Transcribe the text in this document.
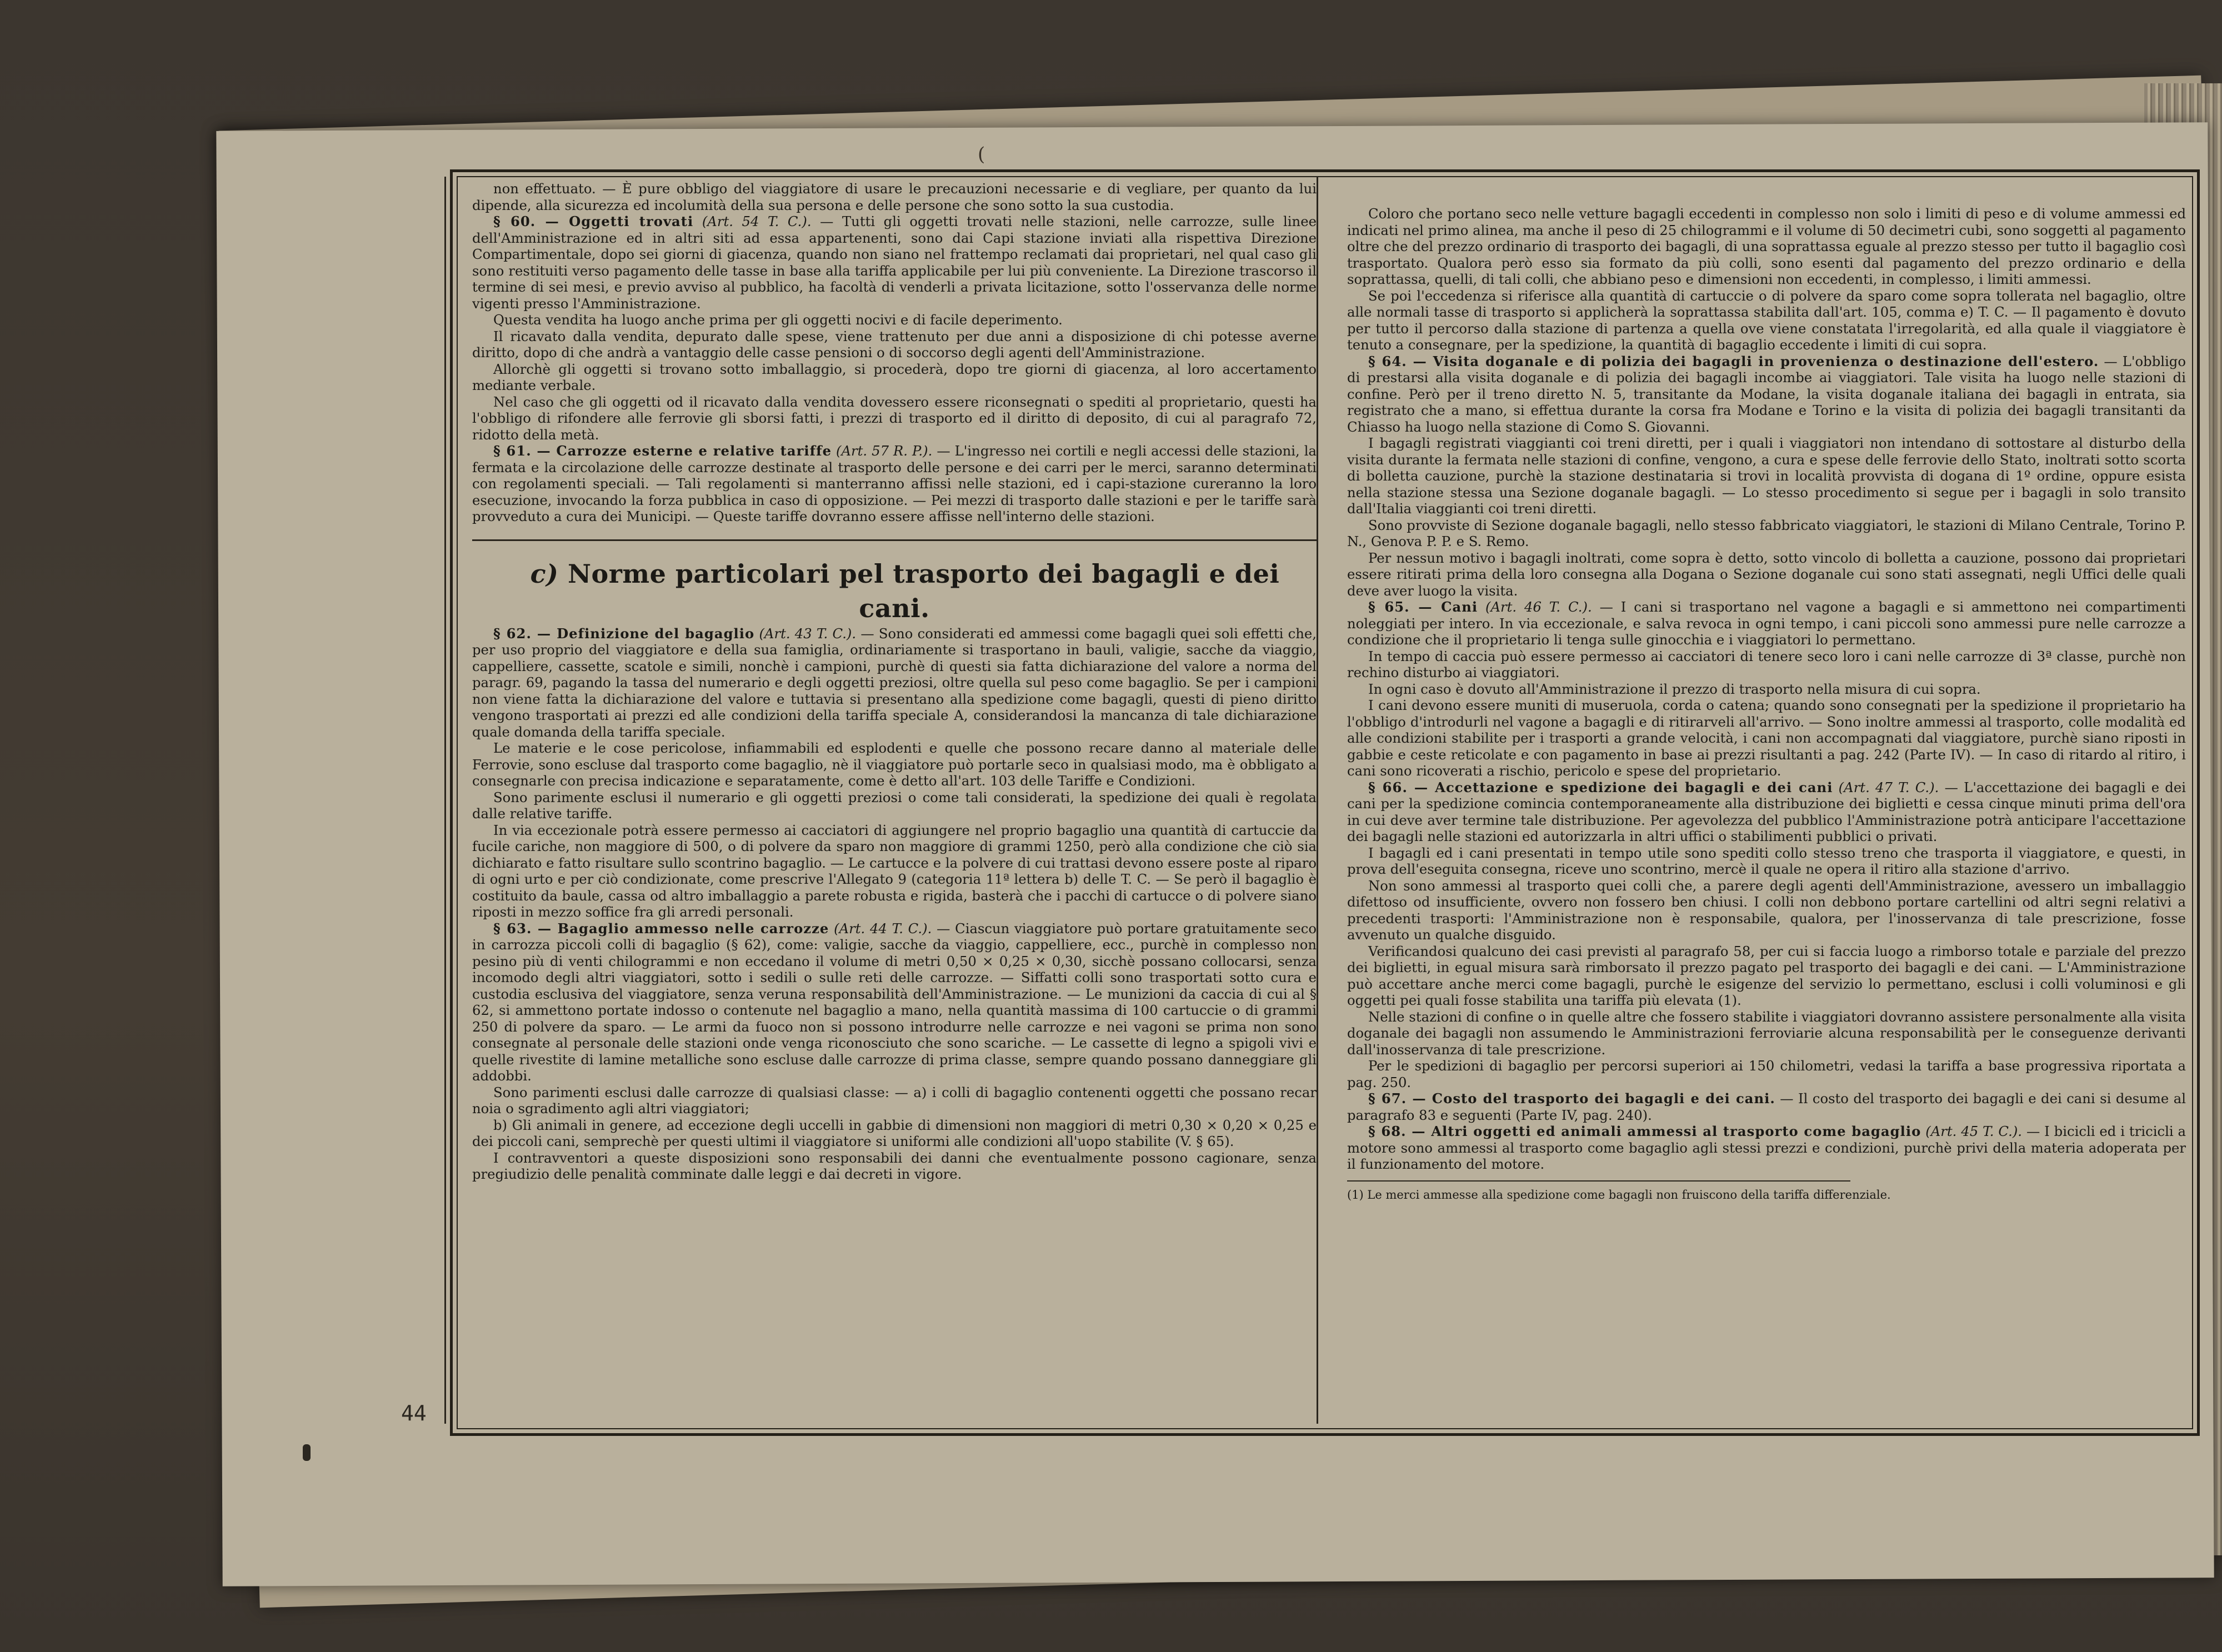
(

non effettuato. — È pure obbligo del viaggiatore di usare le precauzioni necessarie e di vegliare, per quanto da lui dipende, alla sicurezza ed incolumità della sua persona e delle persone che sono sotto la sua custodia.

§ 60. — Oggetti trovati (Art. 54 T. C.). — Tutti gli oggetti trovati nelle stazioni, nelle carrozze, sulle linee dell'Amministrazione ed in altri siti ad essa appartenenti, sono dai Capi stazione inviati alla rispettiva Direzione Compartimentale, dopo sei giorni di giacenza, quando non siano nel frattempo reclamati dai proprietari, nel qual caso gli sono restituiti verso pagamento delle tasse in base alla tariffa applicabile per lui più conveniente. La Direzione trascorso il termine di sei mesi, e previo avviso al pubblico, ha facoltà di venderli a privata licitazione, sotto l'osservanza delle norme vigenti presso l'Amministrazione.

Questa vendita ha luogo anche prima per gli oggetti nocivi e di facile deperimento.

Il ricavato dalla vendita, depurato dalle spese, viene trattenuto per due anni a disposizione di chi potesse averne diritto, dopo di che andrà a vantaggio delle casse pensioni o di soccorso degli agenti dell'Amministrazione.

Allorchè gli oggetti si trovano sotto imballaggio, si procederà, dopo tre giorni di giacenza, al loro accertamento mediante verbale.

Nel caso che gli oggetti od il ricavato dalla vendita dovessero essere riconsegnati o spediti al proprietario, questi ha l'obbligo di rifondere alle ferrovie gli sborsi fatti, i prezzi di trasporto ed il diritto di deposito, di cui al paragrafo 72, ridotto della metà.

§ 61. — Carrozze esterne e relative tariffe (Art. 57 R. P.). — L'ingresso nei cortili e negli accessi delle stazioni, la fermata e la circolazione delle carrozze destinate al trasporto delle persone e dei carri per le merci, saranno determinati con regolamenti speciali. — Tali regolamenti si manterranno affissi nelle stazioni, ed i capi-stazione cureranno la loro esecuzione, invocando la forza pubblica in caso di opposizione. — Pei mezzi di trasporto dalle stazioni e per le tariffe sarà provveduto a cura dei Municipi. — Queste tariffe dovranno essere affisse nell'interno delle stazioni.

c) Norme particolari pel trasporto dei bagagli e dei cani.

§ 62. — Definizione del bagaglio (Art. 43 T. C.). — Sono considerati ed ammessi come bagagli quei soli effetti che, per uso proprio del viaggiatore e della sua famiglia, ordinariamente si trasportano in bauli, valigie, sacche da viaggio, cappelliere, cassette, scatole e simili, nonchè i campioni, purchè di questi sia fatta dichiarazione del valore a norma del paragr. 69, pagando la tassa del numerario e degli oggetti preziosi, oltre quella sul peso come bagaglio. Se per i campioni non viene fatta la dichiarazione del valore e tuttavia si presentano alla spedizione come bagagli, questi di pieno diritto vengono trasportati ai prezzi ed alle condizioni della tariffa speciale A, considerandosi la mancanza di tale dichiarazione quale domanda della tariffa speciale.

Le materie e le cose pericolose, infiammabili ed esplodenti e quelle che possono recare danno al materiale delle Ferrovie, sono escluse dal trasporto come bagaglio, nè il viaggiatore può portarle seco in qualsiasi modo, ma è obbligato a consegnarle con precisa indicazione e separatamente, come è detto all'art. 103 delle Tariffe e Condizioni.

Sono parimente esclusi il numerario e gli oggetti preziosi o come tali considerati, la spedizione dei quali è regolata dalle relative tariffe.

In via eccezionale potrà essere permesso ai cacciatori di aggiungere nel proprio bagaglio una quantità di cartuccie da fucile cariche, non maggiore di 500, o di polvere da sparo non maggiore di grammi 1250, però alla condizione che ciò sia dichiarato e fatto risultare sullo scontrino bagaglio. — Le cartucce e la polvere di cui trattasi devono essere poste al riparo di ogni urto e per ciò condizionate, come prescrive l'Allegato 9 (categoria 11ª lettera b) delle T. C. — Se però il bagaglio è costituito da baule, cassa od altro imballaggio a parete robusta e rigida, basterà che i pacchi di cartucce o di polvere siano riposti in mezzo soffice fra gli arredi personali.

§ 63. — Bagaglio ammesso nelle carrozze (Art. 44 T. C.). — Ciascun viaggiatore può portare gratuitamente seco in carrozza piccoli colli di bagaglio (§ 62), come: valigie, sacche da viaggio, cappelliere, ecc., purchè in complesso non pesino più di venti chilogrammi e non eccedano il volume di metri 0,50 × 0,25 × 0,30, sicchè possano collocarsi, senza incomodo degli altri viaggiatori, sotto i sedili o sulle reti delle carrozze. — Siffatti colli sono trasportati sotto cura e custodia esclusiva del viaggiatore, senza veruna responsabilità dell'Amministrazione. — Le munizioni da caccia di cui al § 62, si ammettono portate indosso o contenute nel bagaglio a mano, nella quantità massima di 100 cartuccie o di grammi 250 di polvere da sparo. — Le armi da fuoco non si possono introdurre nelle carrozze e nei vagoni se prima non sono consegnate al personale delle stazioni onde venga riconosciuto che sono scariche. — Le cassette di legno a spigoli vivi e quelle rivestite di lamine metalliche sono escluse dalle carrozze di prima classe, sempre quando possano danneggiare gli addobbi.

Sono parimenti esclusi dalle carrozze di qualsiasi classe: — a) i colli di bagaglio contenenti oggetti che possano recar noia o sgradimento agli altri viaggiatori;

b) Gli animali in genere, ad eccezione degli uccelli in gabbie di dimensioni non maggiori di metri 0,30 × 0,20 × 0,25 e dei piccoli cani, semprechè per questi ultimi il viaggiatore si uniformi alle condizioni all'uopo stabilite (V. § 65).

I contravventori a queste disposizioni sono responsabili dei danni che eventualmente possono cagionare, senza pregiudizio delle penalità comminate dalle leggi e dai decreti in vigore.

Coloro che portano seco nelle vetture bagagli eccedenti in complesso non solo i limiti di peso e di volume ammessi ed indicati nel primo alinea, ma anche il peso di 25 chilogrammi e il volume di 50 decimetri cubi, sono soggetti al pagamento oltre che del prezzo ordinario di trasporto dei bagagli, di una soprattassa eguale al prezzo stesso per tutto il bagaglio così trasportato. Qualora però esso sia formato da più colli, sono esenti dal pagamento del prezzo ordinario e della soprattassa, quelli, di tali colli, che abbiano peso e dimensioni non eccedenti, in complesso, i limiti ammessi.

Se poi l'eccedenza si riferisce alla quantità di cartuccie o di polvere da sparo come sopra tollerata nel bagaglio, oltre alle normali tasse di trasporto si applicherà la soprattassa stabilita dall'art. 105, comma e) T. C. — Il pagamento è dovuto per tutto il percorso dalla stazione di partenza a quella ove viene constatata l'irregolarità, ed alla quale il viaggiatore è tenuto a consegnare, per la spedizione, la quantità di bagaglio eccedente i limiti di cui sopra.

§ 64. — Visita doganale e di polizia dei bagagli in provenienza o destinazione dell'estero. — L'obbligo di prestarsi alla visita doganale e di polizia dei bagagli incombe ai viaggiatori. Tale visita ha luogo nelle stazioni di confine. Però per il treno diretto N. 5, transitante da Modane, la visita doganale italiana dei bagagli in entrata, sia registrato che a mano, si effettua durante la corsa fra Modane e Torino e la visita di polizia dei bagagli transitanti da Chiasso ha luogo nella stazione di Como S. Giovanni.

I bagagli registrati viaggianti coi treni diretti, per i quali i viaggiatori non intendano di sottostare al disturbo della visita durante la fermata nelle stazioni di confine, vengono, a cura e spese delle ferrovie dello Stato, inoltrati sotto scorta di bolletta cauzione, purchè la stazione destinataria si trovi in località provvista di dogana di 1º ordine, oppure esista nella stazione stessa una Sezione doganale bagagli. — Lo stesso procedimento si segue per i bagagli in solo transito dall'Italia viaggianti coi treni diretti.

Sono provviste di Sezione doganale bagagli, nello stesso fabbricato viaggiatori, le stazioni di Milano Centrale, Torino P. N., Genova P. P. e S. Remo.

Per nessun motivo i bagagli inoltrati, come sopra è detto, sotto vincolo di bolletta a cauzione, possono dai proprietari essere ritirati prima della loro consegna alla Dogana o Sezione doganale cui sono stati assegnati, negli Uffici delle quali deve aver luogo la visita.

§ 65. — Cani (Art. 46 T. C.). — I cani si trasportano nel vagone a bagagli e si ammettono nei compartimenti noleggiati per intero. In via eccezionale, e salva revoca in ogni tempo, i cani piccoli sono ammessi pure nelle carrozze a condizione che il proprietario li tenga sulle ginocchia e i viaggiatori lo permettano.

In tempo di caccia può essere permesso ai cacciatori di tenere seco loro i cani nelle carrozze di 3ª classe, purchè non rechino disturbo ai viaggiatori.

In ogni caso è dovuto all'Amministrazione il prezzo di trasporto nella misura di cui sopra.

I cani devono essere muniti di museruola, corda o catena; quando sono consegnati per la spedizione il proprietario ha l'obbligo d'introdurli nel vagone a bagagli e di ritirarveli all'arrivo. — Sono inoltre ammessi al trasporto, colle modalità ed alle condizioni stabilite per i trasporti a grande velocità, i cani non accompagnati dal viaggiatore, purchè siano riposti in gabbie e ceste reticolate e con pagamento in base ai prezzi risultanti a pag. 242 (Parte IV). — In caso di ritardo al ritiro, i cani sono ricoverati a rischio, pericolo e spese del proprietario.

§ 66. — Accettazione e spedizione dei bagagli e dei cani (Art. 47 T. C.). — L'accettazione dei bagagli e dei cani per la spedizione comincia contemporaneamente alla distribuzione dei biglietti e cessa cinque minuti prima dell'ora in cui deve aver termine tale distribuzione. Per agevolezza del pubblico l'Amministrazione potrà anticipare l'accettazione dei bagagli nelle stazioni ed autorizzarla in altri uffici o stabilimenti pubblici o privati.

I bagagli ed i cani presentati in tempo utile sono spediti collo stesso treno che trasporta il viaggiatore, e questi, in prova dell'eseguita consegna, riceve uno scontrino, mercè il quale ne opera il ritiro alla stazione d'arrivo.

Non sono ammessi al trasporto quei colli che, a parere degli agenti dell'Amministrazione, avessero un imballaggio difettoso od insufficiente, ovvero non fossero ben chiusi. I colli non debbono portare cartellini od altri segni relativi a precedenti trasporti: l'Amministrazione non è responsabile, qualora, per l'inosservanza di tale prescrizione, fosse avvenuto un qualche disguido.

Verificandosi qualcuno dei casi previsti al paragrafo 58, per cui si faccia luogo a rimborso totale e parziale del prezzo dei biglietti, in egual misura sarà rimborsato il prezzo pagato pel trasporto dei bagagli e dei cani. — L'Amministrazione può accettare anche merci come bagagli, purchè le esigenze del servizio lo permettano, esclusi i colli voluminosi e gli oggetti pei quali fosse stabilita una tariffa più elevata (1).

Nelle stazioni di confine o in quelle altre che fossero stabilite i viaggiatori dovranno assistere personalmente alla visita doganale dei bagagli non assumendo le Amministrazioni ferroviarie alcuna responsabilità per le conseguenze derivanti dall'inosservanza di tale prescrizione.

Per le spedizioni di bagaglio per percorsi superiori ai 150 chilometri, vedasi la tariffa a base progressiva riportata a pag. 250.

§ 67. — Costo del trasporto dei bagagli e dei cani. — Il costo del trasporto dei bagagli e dei cani si desume al paragrafo 83 e seguenti (Parte IV, pag. 240).

§ 68. — Altri oggetti ed animali ammessi al trasporto come bagaglio (Art. 45 T. C.). — I bicicli ed i tricicli a motore sono ammessi al trasporto come bagaglio agli stessi prezzi e condizioni, purchè privi della materia adoperata per il funzionamento del motore.

(1) Le merci ammesse alla spedizione come bagagli non fruiscono della tariffa differenziale.

44
